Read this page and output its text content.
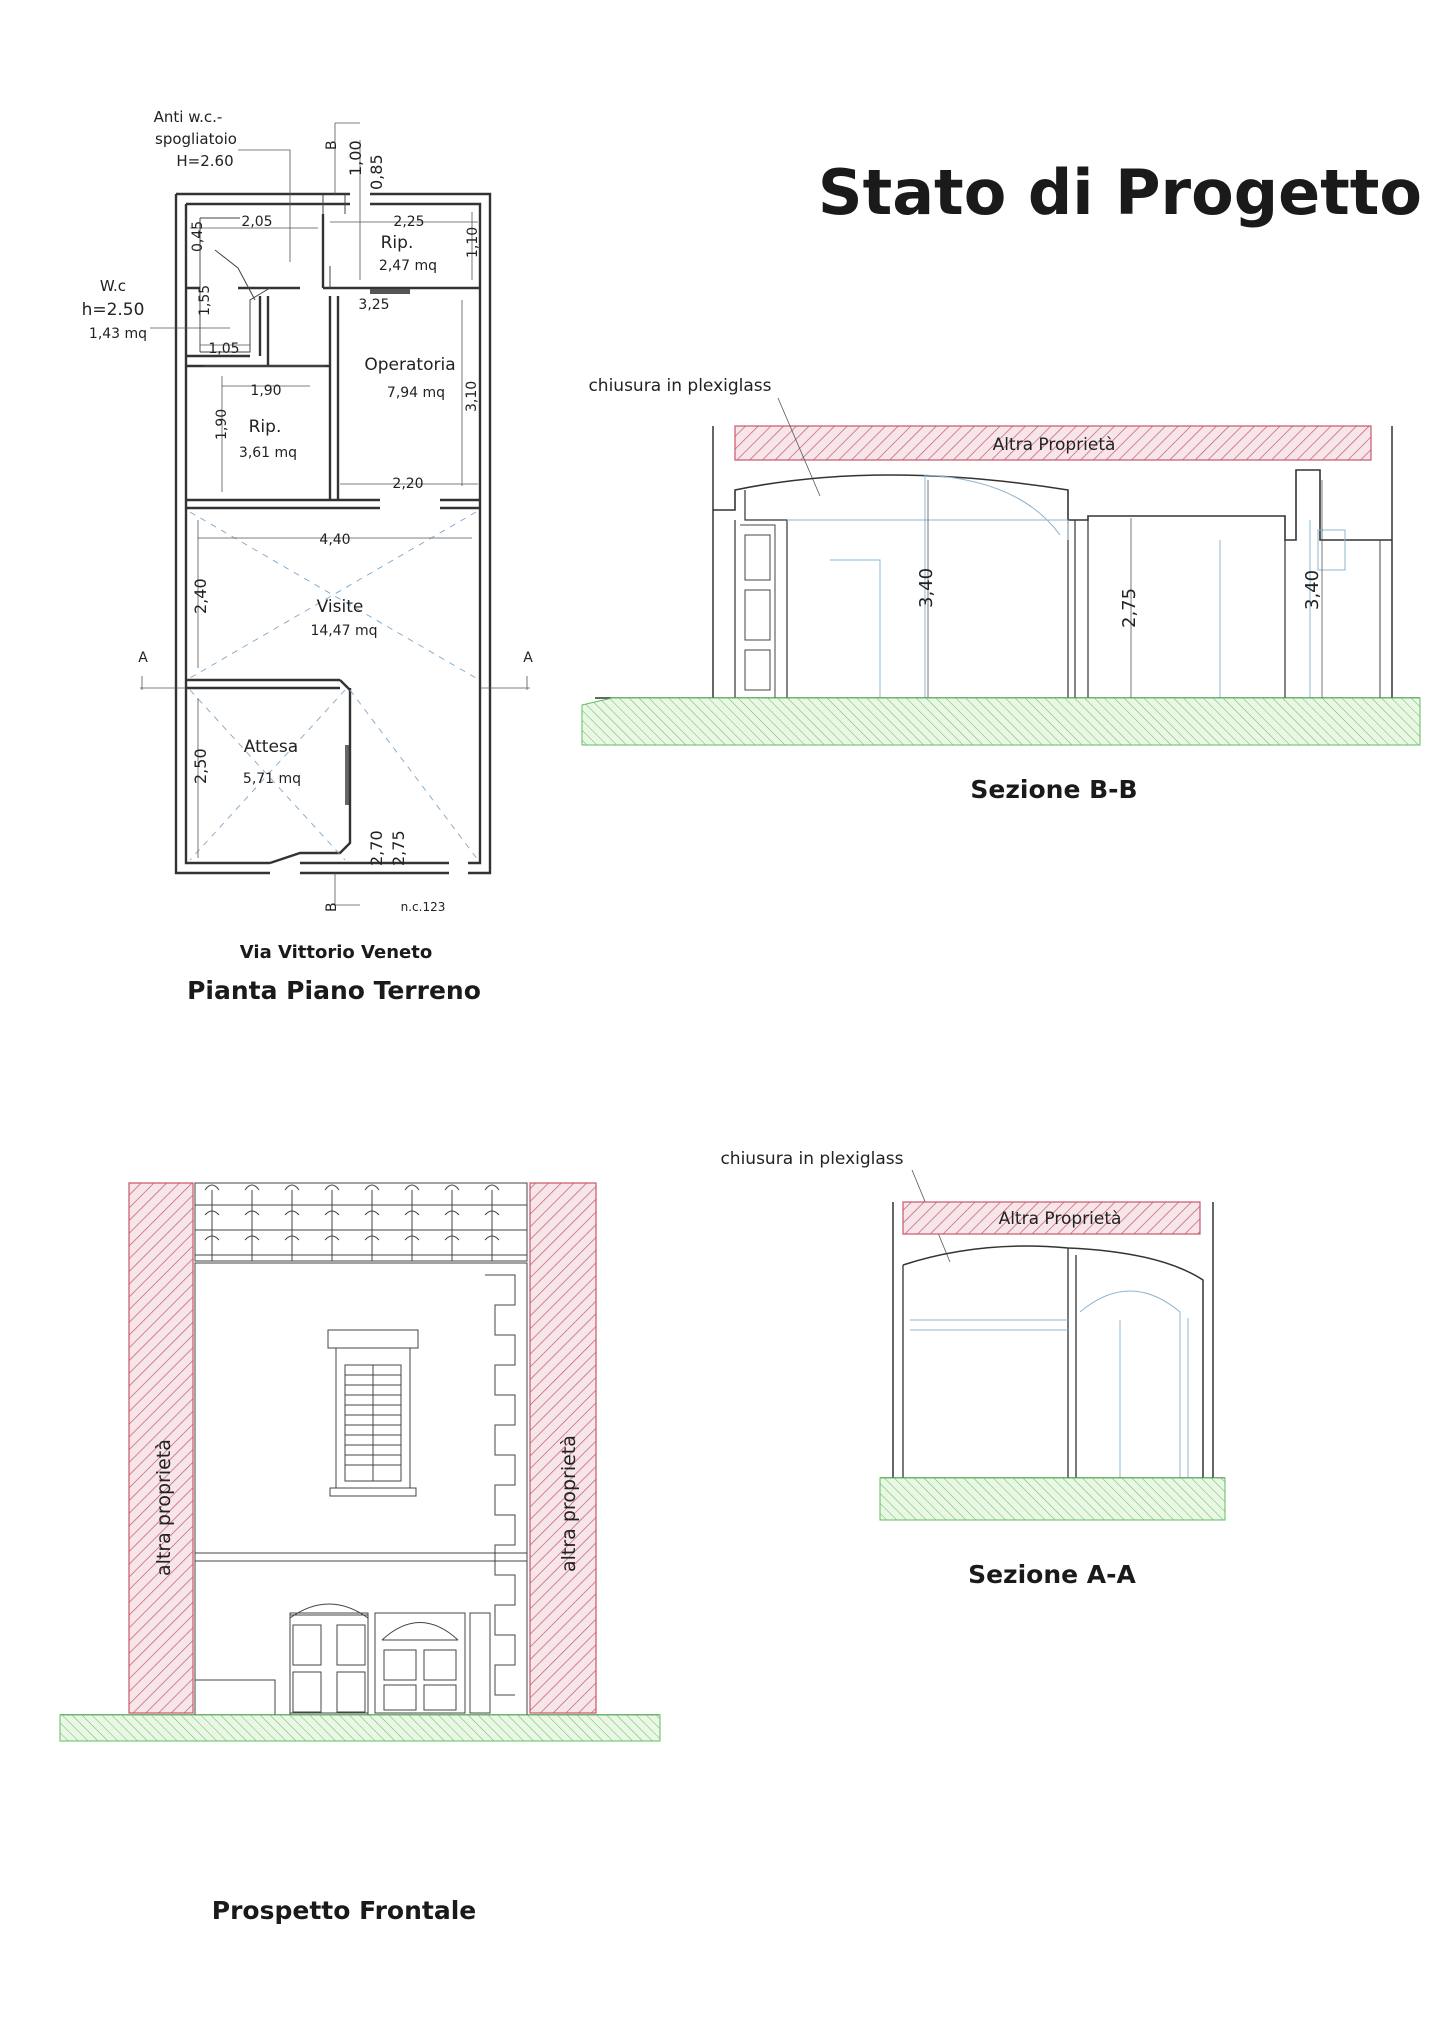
Stato di Progetto
Anti w.c.-
spogliatoio
H=2.60
W.c
h=2.50
1,43 mq
Rip.
2,47 mq
Operatoria
7,94 mq
Rip.
3,61 mq
Visite
14,47 mq
Attesa
5,71 mq
1,00 0,85
2,05
0,45	2,25
1,10
1,55	3,25
1,05
1,90
1,90
3,10
2,20
4,40
2,40
2,50
2,70 2,75
A	A
B
B	n.c.123
Via Vittorio Veneto
Pianta Piano Terreno
Altra Proprietà
chiusura in plexiglass
3,40	2,75	3,40
Sezione B-B
chiusura in plexiglass
Altra Proprietà
Sezione A-A
altra proprietà	altra proprietà
Prospetto Frontale
